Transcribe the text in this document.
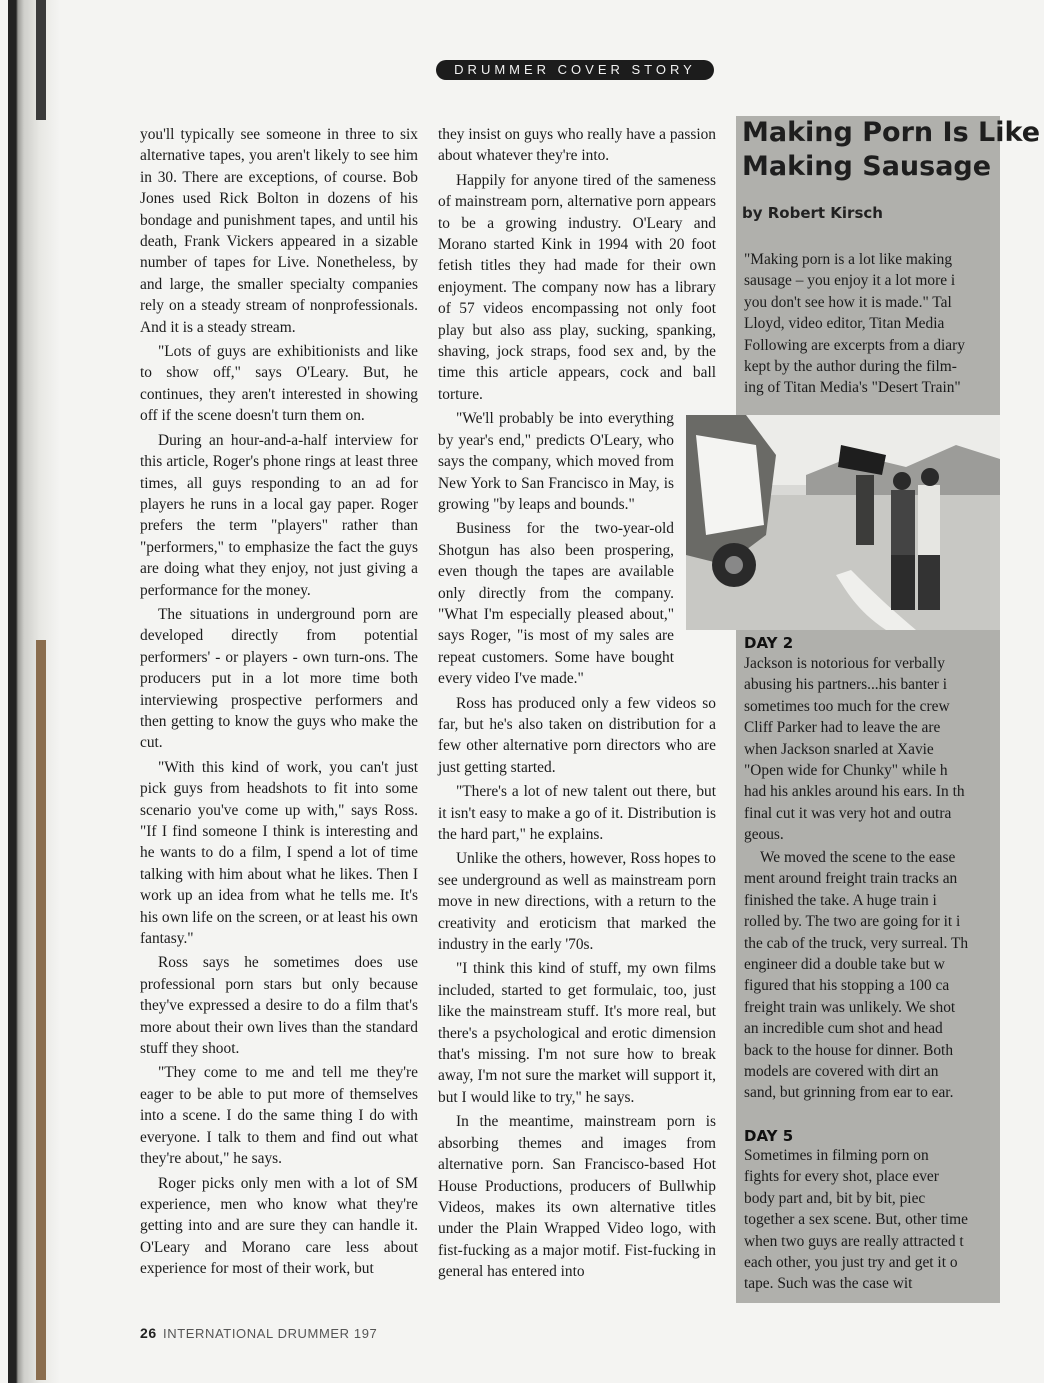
DRUMMER COVER STORY

you'll typically see someone in three to six alternative tapes, you aren't likely to see him in 30. There are exceptions, of course. Bob Jones used Rick Bolton in dozens of his bondage and punishment tapes, and until his death, Frank Vickers appeared in a sizable number of tapes for Live. Nonetheless, by and large, the smaller specialty companies rely on a steady stream of nonprofessionals. And it is a steady stream.

"Lots of guys are exhibitionists and like to show off," says O'Leary. But, he continues, they aren't interested in showing off if the scene doesn't turn them on.

During an hour-and-a-half interview for this article, Roger's phone rings at least three times, all guys responding to an ad for players he runs in a local gay paper. Roger prefers the term "players" rather than "performers," to emphasize the fact the guys are doing what they enjoy, not just giving a performance for the money.

The situations in underground porn are developed directly from potential performers' - or players - own turn-ons. The producers put in a lot more time both interviewing prospective performers and then getting to know the guys who make the cut.

"With this kind of work, you can't just pick guys from headshots to fit into some scenario you've come up with," says Ross. "If I find someone I think is interesting and he wants to do a film, I spend a lot of time talking with him about what he likes. Then I work up an idea from what he tells me. It's his own life on the screen, or at least his own fantasy."

Ross says he sometimes does use professional porn stars but only because they've expressed a desire to do a film that's more about their own lives than the standard stuff they shoot.

"They come to me and tell me they're eager to be able to put more of themselves into a scene. I do the same thing I do with everyone. I talk to them and find out what they're about," he says.

Roger picks only men with a lot of SM experience, men who know what they're getting into and are sure they can handle it. O'Leary and Morano care less about experience for most of their work, but

they insist on guys who really have a passion about whatever they're into.

Happily for anyone tired of the sameness of mainstream porn, alternative porn appears to be a growing industry. O'Leary and Morano started Kink in 1994 with 20 foot fetish titles they had made for their own enjoyment. The company now has a library of 57 videos encompassing not only foot play but also ass play, sucking, spanking, shaving, jock straps, food sex and, by the time this article appears, cock and ball torture.

"We'll probably be into everything by year's end," predicts O'Leary, who says the company, which moved from New York to San Francisco in May, is growing "by leaps and bounds."

Business for the two-year-old Shotgun has also been prospering, even though the tapes are available only directly from the company. "What I'm especially pleased about," says Roger, "is most of my sales are repeat customers. Some have bought every video I've made."

Ross has produced only a few videos so far, but he's also taken on distribution for a few other alternative porn directors who are just getting started.

"There's a lot of new talent out there, but it isn't easy to make a go of it. Distribution is the hard part," he explains.

Unlike the others, however, Ross hopes to see underground as well as mainstream porn move in new directions, with a return to the creativity and eroticism that marked the industry in the early '70s.

"I think this kind of stuff, my own films included, started to get formulaic, too, just like the mainstream stuff. It's more real, but there's a psychological and erotic dimension that's missing. I'm not sure how to break away, I'm not sure the market will support it, but I would like to try," he says.

In the meantime, mainstream porn is absorbing themes and images from alternative porn. San Francisco-based Hot House Productions, producers of Bullwhip Videos, makes its own alternative titles under the Plain Wrapped Video logo, with fist-fucking as a major motif. Fist-fucking in general has entered into

Making Porn Is Like
Making Sausage
by Robert Kirsch

"Making porn is a lot like making

sausage – you enjoy it a lot more i

you don't see how it is made." Tal

Lloyd, video editor, Titan Media

Following are excerpts from a diary

kept by the author during the film-

ing of Titan Media's "Desert Train"

DAY 2

Jackson is notorious for verbally

abusing his partners...his banter i

sometimes too much for the crew

Cliff Parker had to leave the are

when Jackson snarled at Xavie

"Open wide for Chunky" while h

had his ankles around his ears. In th

final cut it was very hot and outra

geous.

We moved the scene to the ease

ment around freight train tracks an

finished the take. A huge train i

rolled by. The two are going for it i

the cab of the truck, very surreal. Th

engineer did a double take but w

figured that his stopping a 100 ca

freight train was unlikely. We shot

an incredible cum shot and head

back to the house for dinner. Both

models are covered with dirt an

sand, but grinning from ear to ear.

DAY 5

Sometimes in filming porn on

fights for every shot, place ever

body part and, bit by bit, piec

together a sex scene. But, other time

when two guys are really attracted t

each other, you just try and get it o

tape. Such was the case wit

26 INTERNATIONAL DRUMMER 197
